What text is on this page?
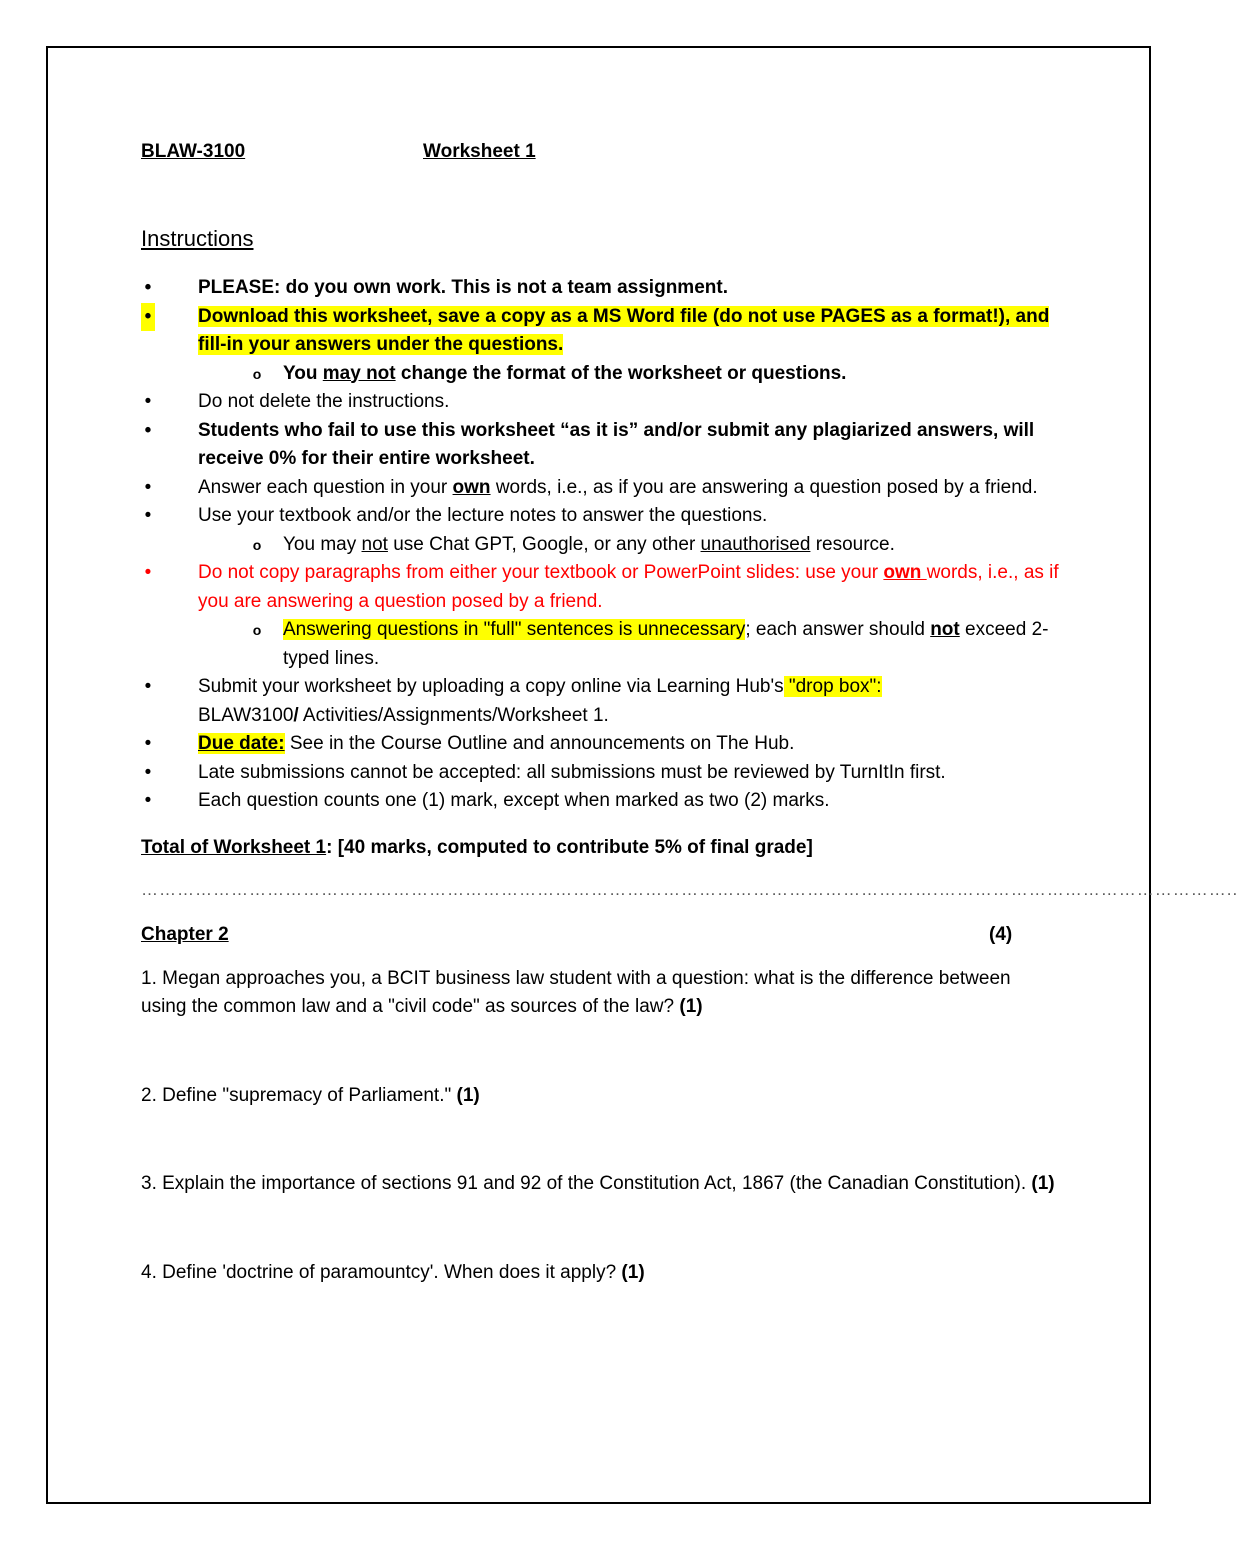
BLAW-3100	Worksheet 1
Instructions
• PLEASE: do you own work. This is not a team assignment.
• Download this worksheet, save a copy as a MS Word file (do not use PAGES as a format!), and fill-in your answers under the questions.
o You may not change the format of the worksheet or questions.
• Do not delete the instructions.
• Students who fail to use this worksheet “as it is” and/or submit any plagiarized answers, will receive 0% for their entire worksheet.
• Answer each question in your own words, i.e., as if you are answering a question posed by a friend.
• Use your textbook and/or the lecture notes to answer the questions.
o You may not use Chat GPT, Google, or any other unauthorised resource.
• Do not copy paragraphs from either your textbook or PowerPoint slides: use your own words, i.e., as if you are answering a question posed by a friend.
o Answering questions in "full" sentences is unnecessary; each answer should not exceed 2-typed lines.
• Submit your worksheet by uploading a copy online via Learning Hub's "drop box":
BLAW3100/ Activities/Assignments/Worksheet 1.
• Due date: See in the Course Outline and announcements on The Hub.
• Late submissions cannot be accepted: all submissions must be reviewed by TurnItIn first.
• Each question counts one (1) mark, except when marked as two (2) marks.
Total of Worksheet 1: [40 marks, computed to contribute 5% of final grade]
…………………………………………………………………………………………………………………….…………………………………………..
Chapter 2	(4)
1. Megan approaches you, a BCIT business law student with a question: what is the difference between using the common law and a "civil code" as sources of the law? (1)
2. Define "supremacy of Parliament." (1)
3. Explain the importance of sections 91 and 92 of the Constitution Act, 1867 (the Canadian Constitution). (1)
4. Define 'doctrine of paramountcy'. When does it apply? (1)
